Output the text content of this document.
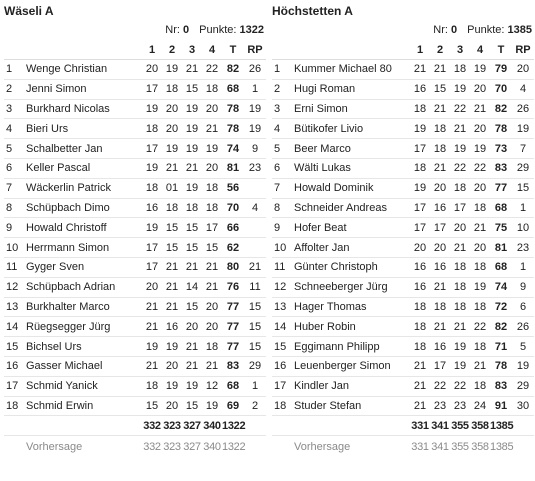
Wäseli A
Nr: 0 Punkte: 1322
1	2	3	4	T	RP
1	Wenge Christian	20 19 21 22 82 26
2	Jenni Simon	17 18 15 18 68	1
3	Burkhard Nicolas	19 20 19 20 78 19
4	Bieri Urs	18 20 19 21 78 19
5	Schalbetter Jan	17 19 19 19 74	9
6	Keller Pascal	19 21 21 20 81 23
7	Wäckerlin Patrick	18 01 19 18 56
8	Schüpbach Dimo	16 18 18 18 70	4
9	Howald Christoff	19 15 15 17 66
10 Herrmann Simon	17 15 15 15 62
11 Gyger Sven	17 21 21 21 80 21
12 Schüpbach Adrian	20 21 14 21 76 11
13 Burkhalter Marco	21 21 15 20 77 15
14 Rüegsegger Jürg	21 16 20 20 77 15
15 Bichsel Urs	19 19 21 18 77 15
16 Gasser Michael	21 20 21 21 83 29
17 Schmid Yanick	18 19 19 12 68	1
18 Schmid Erwin	15 20 15 19 69	2
332 323 327 340 1322
Vorhersage	332 323 327 340 1322
Höchstetten A
Nr: 0 Punkte: 1385
1	2	3	4	T	RP
1	Kummer Michael 80	21 21 18 19 79 20
2	Hugi Roman	16 15 19 20 70	4
3	Erni Simon	18 21 22 21 82 26
4	Bütikofer Livio	19 18 21 20 78 19
5	Beer Marco	17 18 19 19 73	7
6	Wälti Lukas	18 21 22 22 83 29
7	Howald Dominik	19 20 18 20 77 15
8	Schneider Andreas	17 16 17 18 68	1
9	Hofer Beat	17 17 20 21 75 10
10 Affolter Jan	20 20 21 20 81 23
11 Günter Christoph	16 16 18 18 68	1
12 Schneeberger Jürg	16 21 18 19 74	9
13 Hager Thomas	18 18 18 18 72	6
14 Huber Robin	18 21 21 22 82 26
15 Eggimann Philipp	18 16 19 18 71	5
16 Leuenberger Simon	21 17 19 21 78 19
17 Kindler Jan	21 22 22 18 83 29
18 Studer Stefan	21 23 23 24 91 30
331 341 355 358 1385
Vorhersage	331 341 355 358 1385
